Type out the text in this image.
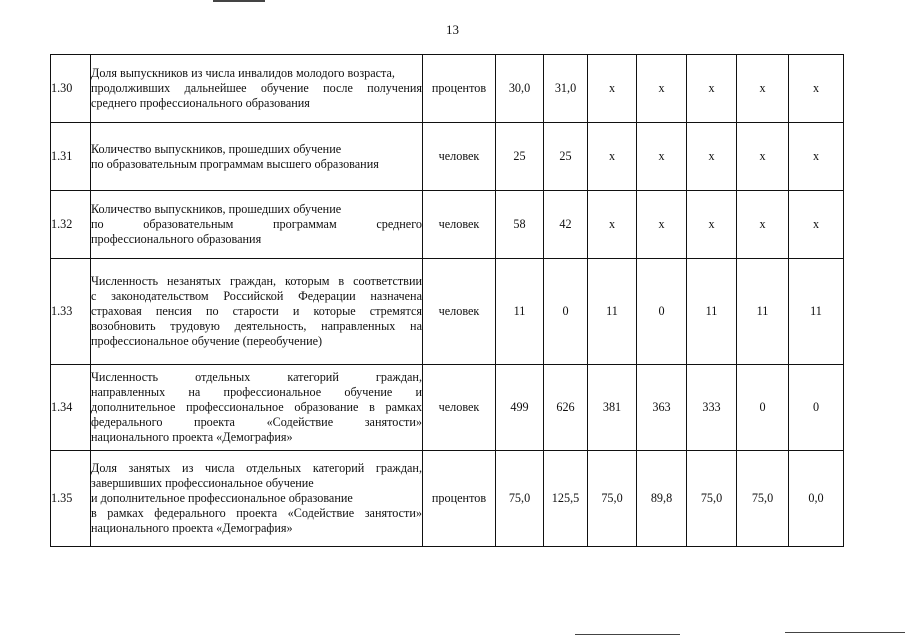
13
1.30	Доля выпускников из числа инвалидов молодого возраста,

продолживших дальнейшее обучение после получения

среднего профессионального образования	процентов	30,0	31,0	х	х	х	х	х
1.31	Количество выпускников, прошедших обучение

по образовательным программам высшего образования	человек	25	25	х	х	х	х	х
1.32	Количество выпускников, прошедших обучение

по образовательным программам среднего

профессионального образования	человек	58	42	х	х	х	х	х
1.33	Численность незанятых граждан, которым в соответствии

с законодательством Российской Федерации назначена

страховая пенсия по старости и которые стремятся

возобновить трудовую деятельность, направленных на

профессиональное обучение (переобучение)	человек	11	0	11	0	11	11	11
1.34	Численность отдельных категорий граждан,

направленных на профессиональное обучение и

дополнительное профессиональное образование в рамках

федерального проекта «Содействие занятости»

национального проекта «Демография»	человек	499	626	381	363	333	0	0
1.35	Доля занятых из числа отдельных категорий граждан,

завершивших профессиональное обучение

и дополнительное профессиональное образование

в рамках федерального проекта «Содействие занятости»

национального проекта «Демография»	процентов	75,0	125,5	75,0	89,8	75,0	75,0	0,0
